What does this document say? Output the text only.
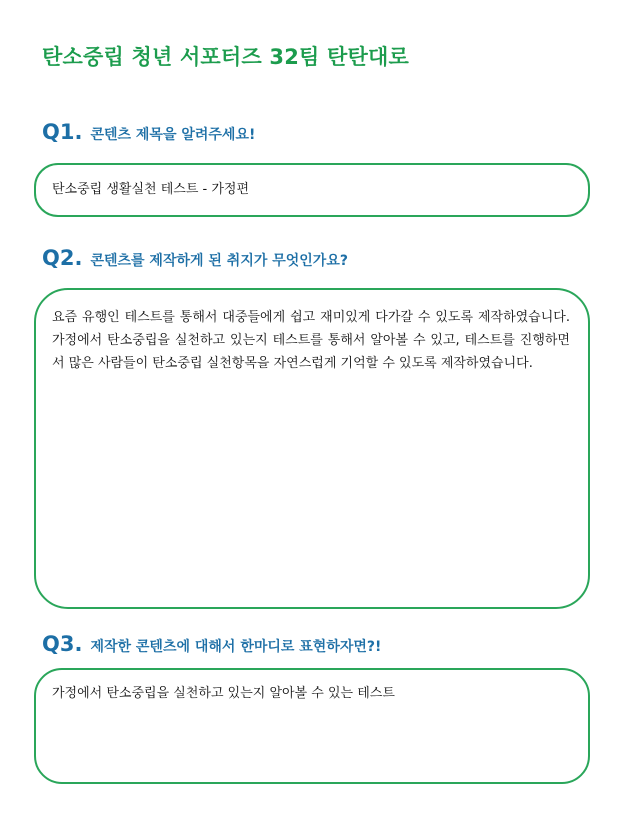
탄소중립 청년 서포터즈 32팀 탄탄대로
Q1 . 콘텐츠 제목을 알려주세요!
탄소중립 생활실천 테스트 - 가정편
Q2 . 콘텐츠를 제작하게 된 취지가 무엇인가요?
요즘 유행인 테스트를 통해서 대중들에게 쉽고 재미있게 다가갈 수 있도록 제작하였습니다. 가정에서 탄소중립을 실천하고 있는지 테스트를 통해서 알아볼 수 있고, 테스트를 진행하면서 많은 사람들이 탄소중립 실천항목을 자연스럽게 기억할 수 있도록 제작하였습니다.
Q3 . 제작한 콘텐츠에 대해서 한마디로 표현하자면?!
가정에서 탄소중립을 실천하고 있는지 알아볼 수 있는 테스트
